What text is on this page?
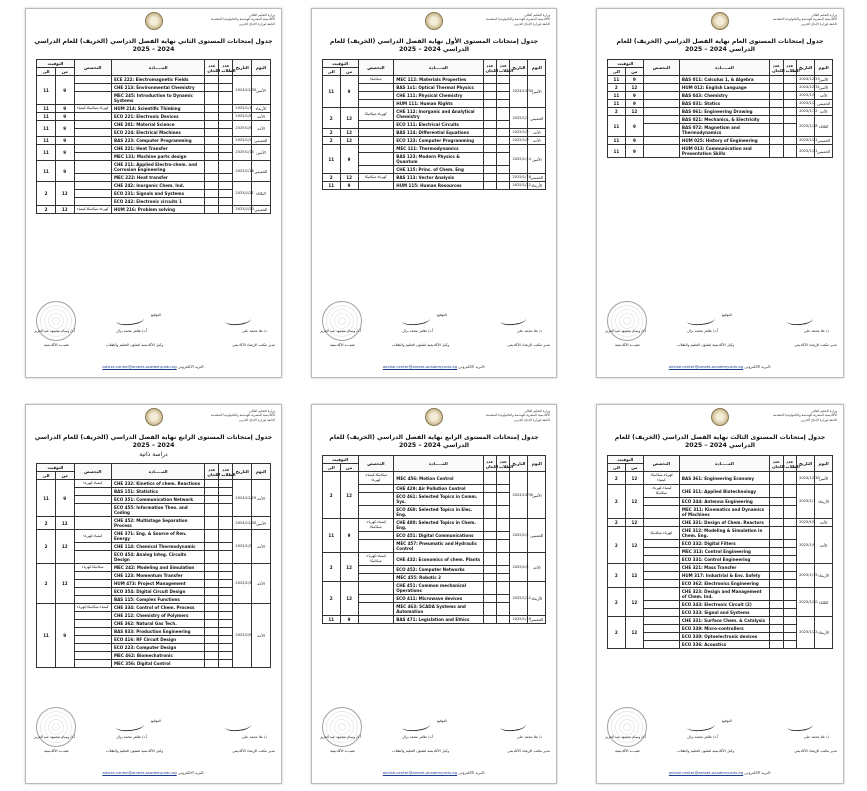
وزارة التعليم العالي
الأكاديمية المصرية للهندسة والتكنولوجيا المتقدمة
التابعة لوزارة الإنتاج الحربي
جدول إمتحانات المستوى الثاني نهاية الفصل الدراسي (الخريف) للعام الدراسي 2024 – 2025
التوقيت		التخصص	المـــــادة	عدد اللجان	عدد الطلاب	التاريخ	اليوم
الى	من						
11	9		ECE 222: Electromagnetic Fields			2024/12/30	الأثنين
			CHE 213: Environmental Chemistry				
			MEC 245: Introduction to Dynamic Systems				
11	9	كهرباء-ميكانيكا-كيمياء	HUM 214: Scientific Thinking			2025/1/1	الأربعاء
11	9		ECO 221: Electronic Devices			2025/1/5	الأحد
11	9		CHE 201: Material Science			2025/1/5	الأحد
			ECO 224: Electrical Machines				
11	9		BAS 223: Computer Programming			2025/1/2	الخميس
11	9		CHE 221: Heat Transfer			2025/1/13	الأثنين
			MEC 131: Machine parts design				
11	9		CHE 211: Applied Electro-chem. and Corrosion Engineering			2025/1/16	الخميس
			MEC 222: Heat transfer				
2	12		CHE 242: Inorganic Chem. Ind.			2025/1/21	الثلاثاء
			ECO 231: Signals and Systems				
			ECO 242: Electronic circuits 1				
2	12	كهرباء-ميكانيكا-كيمياء	HUM 216: Problem solving			2025/1/23	الخميس
عميـــد الأكاديمية
أ.د/ وسام محمود عبد العزيز
وكيل الأكاديمية لشئون التعليم والطلاب
أ.د/ طاهر محمد بزال
مدير مكتب الإرشاد الأكاديمي
د/ علا محمد علي
التوقيع
advise.center@ameet-academy.edu.eg البريد الالكتروني:
وزارة التعليم العالي
الأكاديمية المصرية للهندسة والتكنولوجيا المتقدمة
التابعة لوزارة الإنتاج الحربي
جدول إمتحانات المستوى الأول نهاية الفصل الدراسي (الخريف) للعام الدراسي 2024 – 2025
التوقيت		التخصص	المـــــادة	عدد اللجان	عدد الطلاب	التاريخ	اليوم
الى	من						
11	9	ميكانيكا	MEC 112: Materials Properties			2024/12/30	الأثنين
			BAS 1x1: Optical Thermal Physics				
			CHE 111: Physical Chemistry				
			HUM 111: Human Rights				
2	12	كهرباء-ميكانيكا	CHE 112: Inorganic and Analytical Chemistry			2025/1/2	الخميس
			ECO 111: Electrical Circuits				
2	12		BAS 114: Differential Equations			2025/1/5	الأحد
2	12		ECO 123: Computer Programming			2025/1/9	الأحد
11	9		MEC 111: Thermodynamics			2025/1/14	الأثنين
			BAS 123: Modern Physics & Quantum				
			CHE 115: Princ. of Chem. Eng				
2	12	كهرباء-ميكانيكا	BAS 113: Vector Analysis			2025/1/16	الخميس
11	9		HUM 115: Human Resources			2025/1/22	الأربعاء
عميـــد الأكاديمية
أ.د/ وسام محمود عبد العزيز
وكيل الأكاديمية لشئون التعليم والطلاب
أ.د/ طاهر محمد بزال
مدير مكتب الإرشاد الأكاديمي
د/ علا محمد علي
التوقيع
advise.center@ameet-academy.edu.eg البريد الالكتروني:
وزارة التعليم العالي
الأكاديمية المصرية للهندسة والتكنولوجيا المتقدمة
التابعة لوزارة الإنتاج الحربي
جدول إمتحانات المستوى العام نهاية الفصل الدراسي (الخريف) للعام الدراسي 2024 – 2025
التوقيت		التخصص	المـــــادة	عدد اللجان	عدد الطلاب	التاريخ	اليوم
الى	من						
11	9		BAS 011: Calculus 1, & Algebra			2024/12/29	الأثنين
2	12		HUM 012: English Language			2024/12/31	الأثنين
11	9		BAS 043: Chemistry			2025/1/5	الأحد
11	9		BAS 031: Statics			2025/1/2	الخميس
2	12		BAS 061: Engineering Drawing			2025/1/12	الأحد
11	9		BAS 021: Mechanics, & Electricity			2025/1/28	الثلاثاء
			BAS 072: Magnetism and Thermodynamics				
11	9		HUM 025: History of Engineering			2025/1/21	الخميس
11	9		HUM 013: Communication and Presentation Skills			2025/1/21	الخميس
عميـــد الأكاديمية
أ.د/ وسام محمود عبد العزيز
وكيل الأكاديمية لشئون التعليم والطلاب
أ.د/ طاهر محمد بزال
مدير مكتب الإرشاد الأكاديمي
د/ علا محمد علي
التوقيع
advise.center@ameet-academy.edu.eg البريد الالكتروني:
وزارة التعليم العالي
الأكاديمية المصرية للهندسة والتكنولوجيا المتقدمة
التابعة لوزارة الإنتاج الحربي
جدول إمتحانات المستوى الرابع نهاية الفصل الدراسي (الخريف) للعام الدراسي 2024 – 2025
دراسة ذاتية
التوقيت		التخصص	المـــــادة	عدد اللجان	عدد الطلاب	التاريخ	اليوم
الى	من						
11	9	كيمياء-كهرباء	CHE 232: Kinetics of chem. Reactions			2024/12/29	الأحد
			BAS 151: Statistics				
			ECO 351: Communication Network				
			ECO 455: Information Theo. and Coding				
2	12		CHE 452: Multistage Separation Process			2024/12/30	الأثنين
2	12	كيمياء-كهرباء	CHE 371: Eng. & Source of Ren. Energy			2025/1/2	الأحد
			CHE 114: Chemical Thermodynamic				
			ECO 454: Analog Integ. Circuits Design				
2	12	ميكانيكا-كهرباء	MEC 242: Modeling and Simulation			2025/1/5	الأحد
			CHE 123: Momentum Transfer				
			HUM 473: Project Management				
			ECO 354: Digital Circuit Design				
			BAS 115: Complex Functions				
11	9	كيمياء-ميكانيكا-كهرباء	CHE 334: Control of Chem. Process			2025/1/9	الأحد
			CHE 212: Chemistry of Polymers				
			CHE 362: Natural Gas Tech.				
			BAS 833: Production Engineering				
			ECO 416: RF Circuit Design				
			ECO 223: Computer Design				
			MEC 462: Biomechatronic				
			MEC 356: Digital Control				
عميـــد الأكاديمية
أ.د/ وسام محمود عبد العزيز
وكيل الأكاديمية لشئون التعليم والطلاب
أ.د/ طاهر محمد بزال
مدير مكتب الإرشاد الأكاديمي
د/ علا محمد علي
التوقيع
advise.center@ameet-academy.edu.eg البريد الالكتروني:
وزارة التعليم العالي
الأكاديمية المصرية للهندسة والتكنولوجيا المتقدمة
التابعة لوزارة الإنتاج الحربي
جدول إمتحانات المستوى الرابع نهاية الفصل الدراسي (الخريف) للعام الدراسي 2024 – 2025
التوقيت		التخصص	المـــــادة	عدد اللجان	عدد الطلاب	التاريخ	اليوم
الى	من						
2	12	ميكانيكا-كيمياء-كهرباء	MEC 456: Motion Control			2024/12/30	الأثنين
			CHE 429: Air Pollution Control				
			ECO 461: Selected Topics in Comm. Sys.				
			ECO 460: Selected Topics in Elec. Eng.				
11	9	كيمياء-كهرباء-ميكانيكا	CHE 480: Selected Topics in Chem. Eng.			2025/1/2	الخميس
			ECO 451: Digital Communications				
			MEC 457: Pneumatic and Hydraulic Control				
2	12	كيمياء-كهرباء-ميكانيكا	CHE 432: Economics of chem. Plants			2025/1/5	الأحد
			ECO 452: Computer Networks				
			MEC 455: Robotic 2				
2	12		CHE 451: Common mechanical Operations			2025/1/22	الأربعاء
			ECO 411: Microwave devices				
			MEC 463: SCADA Systems and Automation				
11	9		BAS 471: Legislation and Ethics			2025/1/16	الخميس
عميـــد الأكاديمية
أ.د/ وسام محمود عبد العزيز
وكيل الأكاديمية لشئون التعليم والطلاب
أ.د/ طاهر محمد بزال
مدير مكتب الإرشاد الأكاديمي
د/ علا محمد علي
التوقيع
advise.center@ameet-academy.edu.eg البريد الالكتروني:
وزارة التعليم العالي
الأكاديمية المصرية للهندسة والتكنولوجيا المتقدمة
التابعة لوزارة الإنتاج الحربي
جدول إمتحانات المستوى الثالث نهاية الفصل الدراسي (الخريف) للعام الدراسي 2024 – 2025
التوقيت		التخصص	المـــــادة	عدد اللجان	عدد الطلاب	التاريخ	اليوم
الى	من						
2	12	كهرباء-ميكانيكا-كيمياء	BAS 361: Engineering Economy			2024/12/30	الأثنين
2	12	كيمياء-كهرباء-ميكانيكا	CHE 311: Applied Biotechnology			2025/1/1	الأربعاء
			ECO 344: Antenna Engineering				
			MEC 311: Kinematics and Dynamics of Machines				
2	12		CHE 331: Design of Chem. Reactors			2025/1/5	الأحد
2	12	كهرباء-ميكانيكا	CHE 312: Modeling & Simulation in Chem. Eng.			2025/1/9	الأحد
			ECO 332: Digital Filters				
			MEC 313: Control Engineering				
			ECO 331: Control Engineering				
2	12		CHE 321: Mass Transfer			2025/1/15	الأربعاء
			HUM 317: Industrial & Env. Safety				
			ECO 362: Electronics Engineering				
2	12		CHE 323: Design and Management of Chem. Ind.			2025/1/20	الثلاثاء
			ECO 343: Electronic Circuit (2)				
			ECO 333: Signal and Systems				
2	12		CHE 331: Surface Chem. & Catalysis			2025/1/22	الأربعاء
			ECO 339: Micro-controllers				
			ECO 330: Optoelectronic devices				
			ECO 336: Acoustics				
عميـــد الأكاديمية
أ.د/ وسام محمود عبد العزيز
وكيل الأكاديمية لشئون التعليم والطلاب
أ.د/ طاهر محمد بزال
مدير مكتب الإرشاد الأكاديمي
د/ علا محمد علي
التوقيع
advise.center@ameet-academy.edu.eg البريد الالكتروني:
